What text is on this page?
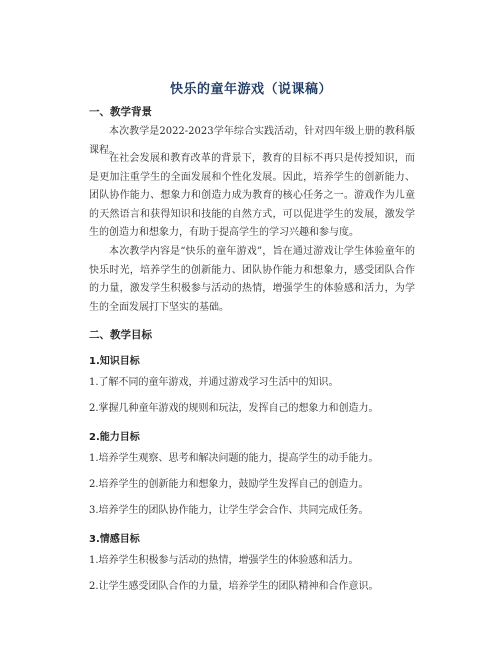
快乐的童年游戏（说课稿）
一、教学背景

本次教学是2022-2023学年综合实践活动，针对四年级上册的教科版课程。

在社会发展和教育改革的背景下，教育的目标不再只是传授知识，而是更加注重学生的全面发展和个性化发展。因此，培养学生的创新能力、团队协作能力、想象力和创造力成为教育的核心任务之一。游戏作为儿童的天然语言和获得知识和技能的自然方式，可以促进学生的发展，激发学生的创造力和想象力，有助于提高学生的学习兴趣和参与度。

本次教学内容是“快乐的童年游戏”，旨在通过游戏让学生体验童年的快乐时光，培养学生的创新能力、团队协作能力和想象力，感受团队合作的力量，激发学生积极参与活动的热情，增强学生的体验感和活力，为学生的全面发展打下坚实的基础。

二、教学目标
1.知识目标
1.了解不同的童年游戏，并通过游戏学习生活中的知识。
2.掌握几种童年游戏的规则和玩法，发挥自己的想象力和创造力。
2.能力目标
1.培养学生观察、思考和解决问题的能力，提高学生的动手能力。
2.培养学生的创新能力和想象力，鼓励学生发挥自己的创造力。
3.培养学生的团队协作能力，让学生学会合作、共同完成任务。
3.情感目标
1.培养学生积极参与活动的热情，增强学生的体验感和活力。
2.让学生感受团队合作的力量，培养学生的团队精神和合作意识。
